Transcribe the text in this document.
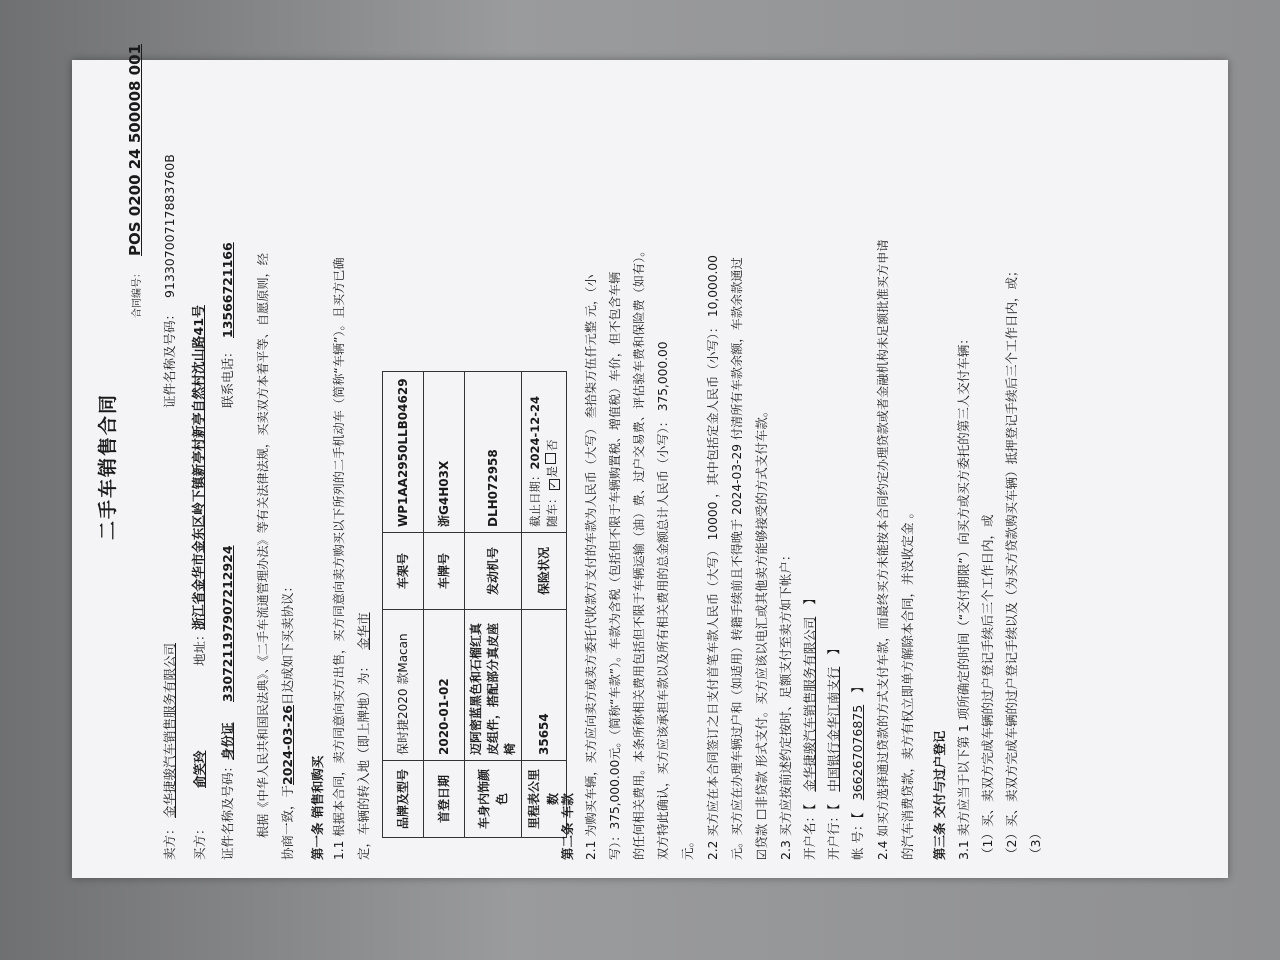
二手车销售合同
合同编号：
POS 0200 24 500008 001
卖方：
金华捷骏汽车销售服务有限公司
证件名称及号码：
91330700717883760B
买方：
俞笑玲
地址：
浙江省金华市金东区岭下镇新亭村新亭自然村沈山路41号
证件名称及号码：
身份证
330721197907212924
联系电话：
13566721166 根据《中华人民共和国民法典》、《二手车流通管理办法》等有关法律法规，买卖双方本着平等、自愿原则，经 协商一致，于2024-03-26日达成如下买卖协议：
第一条 销售和购买 1.1 根据本合同，卖方同意向买方出售，买方同意向卖方购买以下所列的二手机动车（简称“车辆”）。且买方已确 定，车辆的转入地（即上牌地）为：金华市
品牌及型号	保时捷2020 款Macan	车架号	WP1AA2950LLB04629
首登日期	2020-01-02	车牌号	浙G4H03X
车身内饰颜色	迈阿密蓝黑色和石榴红真皮组件，搭配部分真皮座椅	发动机号	DLH072958
里程表公里数	35654	保险状况	截止日期：2024-12-24
随车：✓是否
第二条 车款 2.1 为购买车辆，买方应向卖方或卖方委托代收款方支付的车款为人民币（大写） 叁拾柒万伍仟元整 元，（小 写）：375,000.00元。（简称“车款”）。车款为含税（包括但不限于车辆购置税、增值税）车价，但不包含车辆 的任何相关费用。本条所称相关费用包括但不限于车辆运输（油）费、过户交易费、评估验车费和保险费（如有）。 双方特此确认，买方应该承担车款以及所有相关费用的总金额总计人民币（小写）： 375,000.00 元。 2.2 买方应在本合同签订之日支付首笔车款人民币（大写） 10000 ，其中包括定金人民币（小写）： 10,000.00 元。买方应在办理车辆过户和（如适用）转籍手续前且不得晚于 2024-03-29 付清所有车款余额，车款余款通过 ☑贷款 ☐非贷款 形式支付。买方应该以电汇或其他卖方能够接受的方式支付车款。 2.3 买方应按前述约定按时、足额支付至卖方如下帐户： 开户名：【金华捷骏汽车销售服务有限公司】
开户行：【中国银行金华江南支行】
帐 号：【366267076875】 2.4 如买方选择通过贷款的方式支付车款，而最终买方未能按本合同约定办理贷款或者金融机构未足额批准买方申请 的汽车消费贷款，卖方有权立即单方解除本合同，并没收定金 。 第三条 交付与过户登记 3.1 卖方应当于以下第 1 项所确定的时间（“交付期限”）向买方或买方委托的第三人交付车辆： （1）买、卖双方完成车辆的过户登记手续后三个工作日内，或 （2）买、卖双方完成车辆的过户登记手续以及（为买方贷款购买车辆）抵押登记手续后三个工作日内，或； （3）
